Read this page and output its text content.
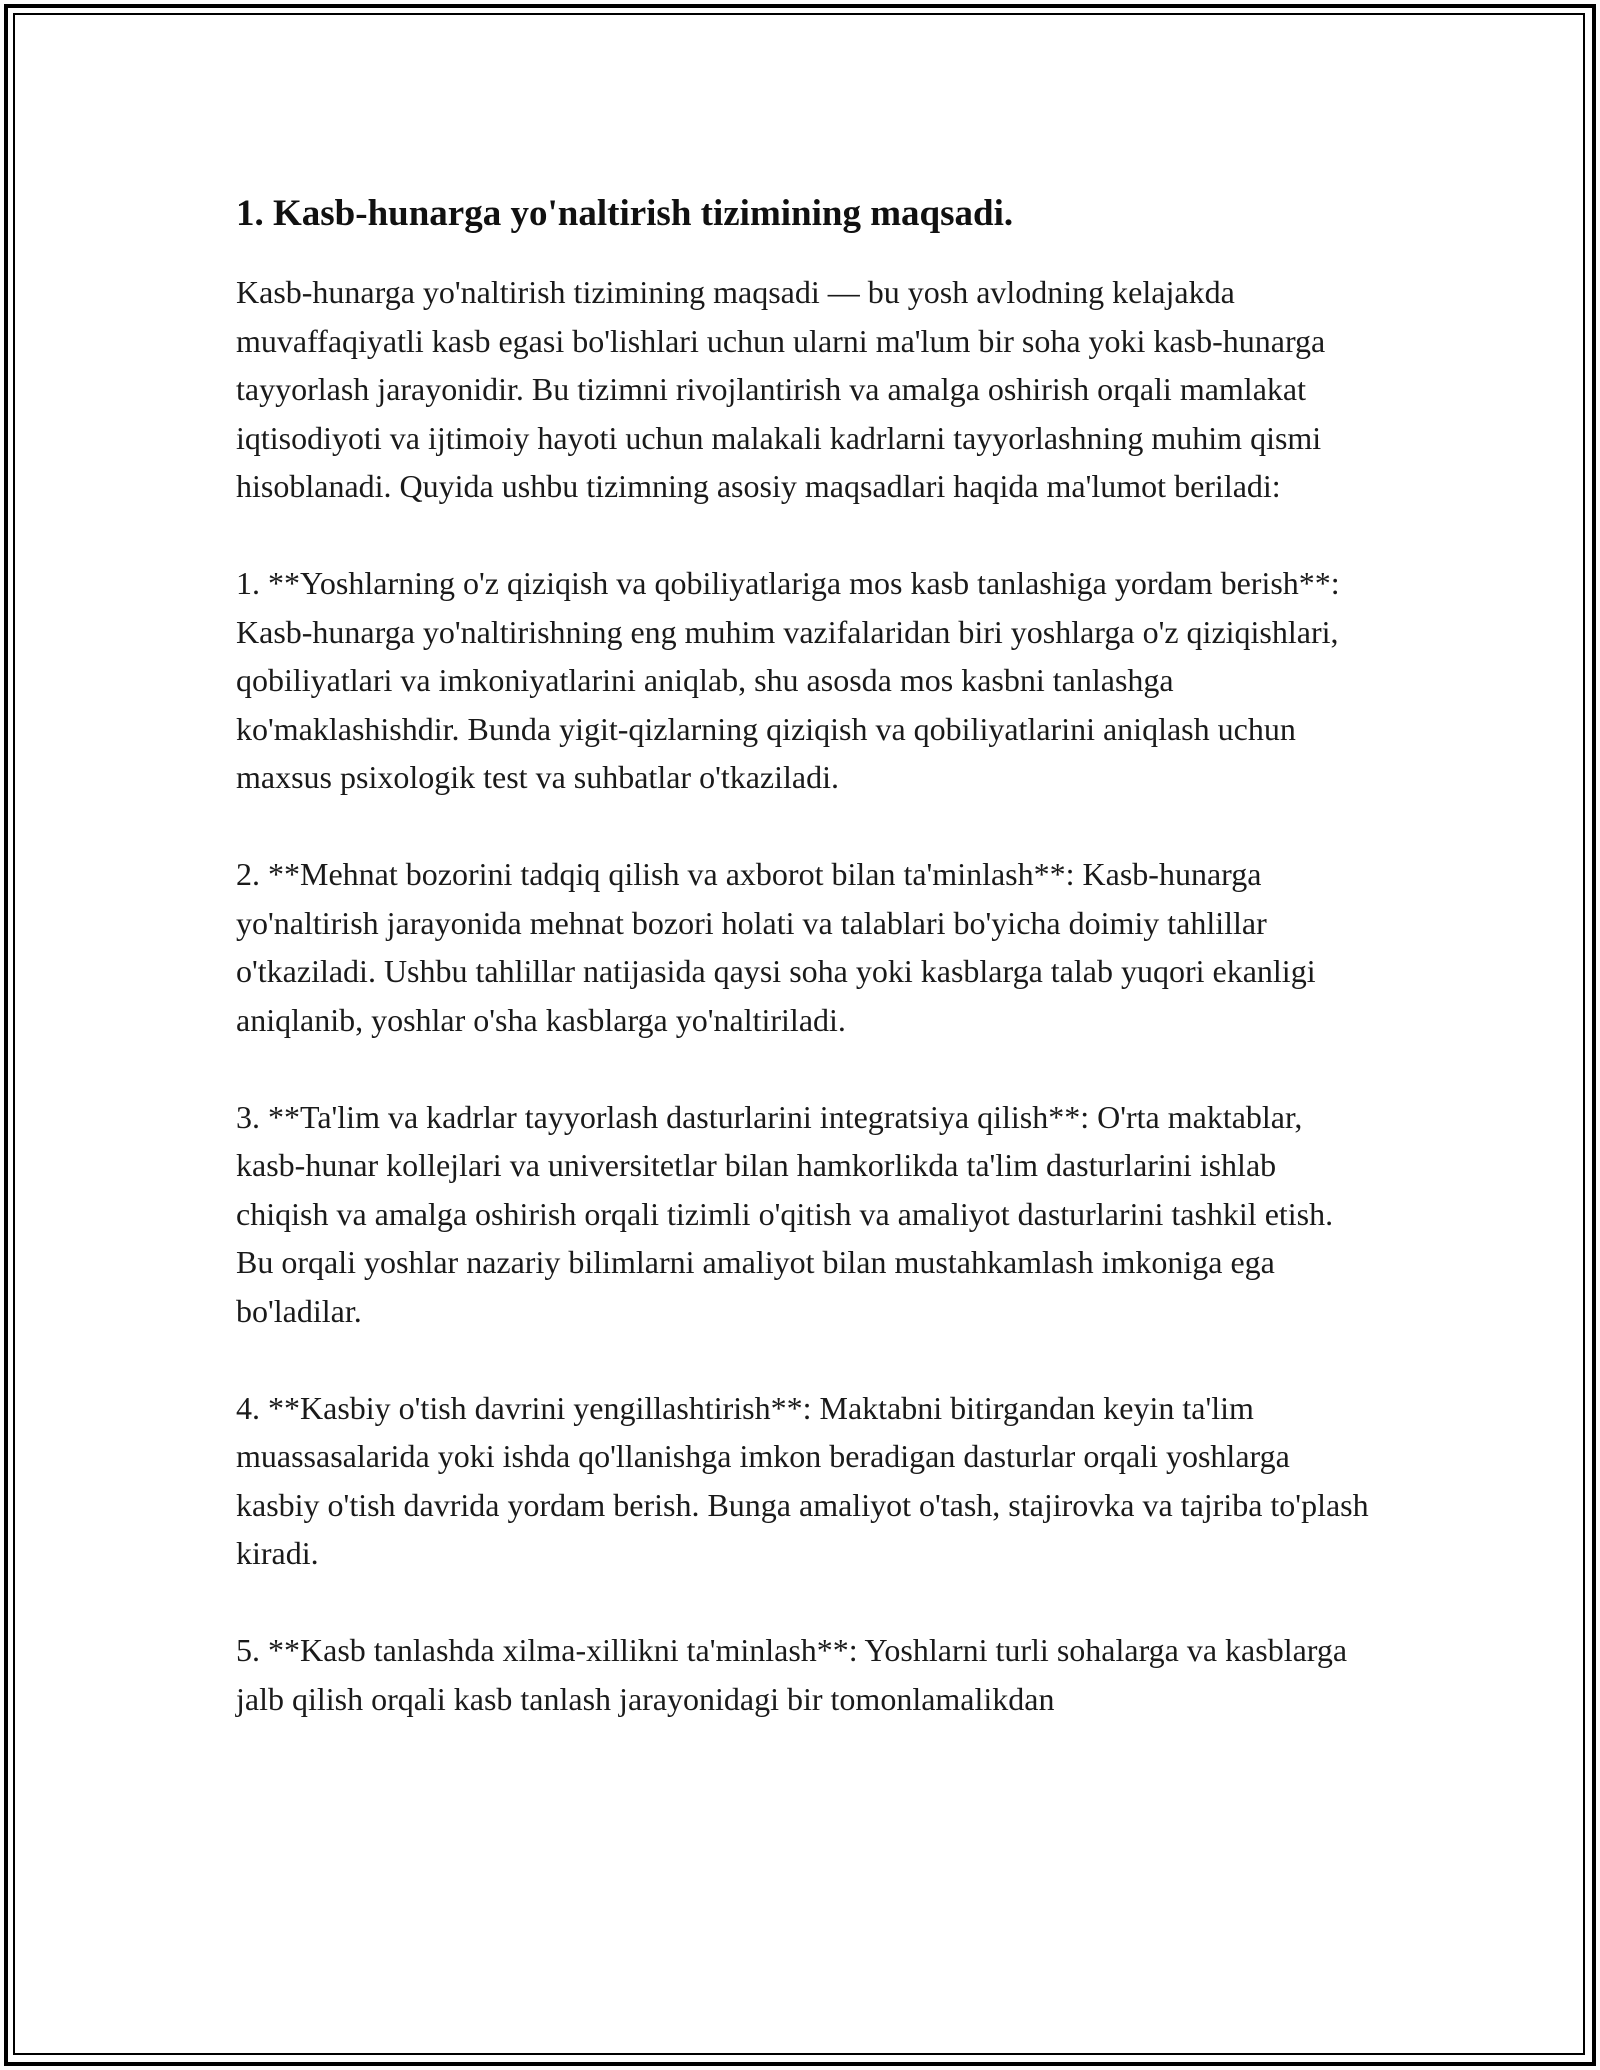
1. Kasb-hunarga yo'naltirish tizimining maqsadi.

Kasb-hunarga yo'naltirish tizimining maqsadi — bu yosh avlodning kelajakda muvaffaqiyatli kasb egasi bo'lishlari uchun ularni ma'lum bir soha yoki kasb-hunarga tayyorlash jarayonidir. Bu tizimni rivojlantirish va amalga oshirish orqali mamlakat iqtisodiyoti va ijtimoiy hayoti uchun malakali kadrlarni tayyorlashning muhim qismi hisoblanadi. Quyida ushbu tizimning asosiy maqsadlari haqida ma'lumot beriladi:

1. **Yoshlarning o'z qiziqish va qobiliyatlariga mos kasb tanlashiga yordam berish**: Kasb-hunarga yo'naltirishning eng muhim vazifalaridan biri yoshlarga o'z qiziqishlari, qobiliyatlari va imkoniyatlarini aniqlab, shu asosda mos kasbni tanlashga ko'maklashishdir. Bunda yigit-qizlarning qiziqish va qobiliyatlarini aniqlash uchun maxsus psixologik test va suhbatlar o'tkaziladi.

2. **Mehnat bozorini tadqiq qilish va axborot bilan ta'minlash**: Kasb-hunarga yo'naltirish jarayonida mehnat bozori holati va talablari bo'yicha doimiy tahlillar o'tkaziladi. Ushbu tahlillar natijasida qaysi soha yoki kasblarga talab yuqori ekanligi aniqlanib, yoshlar o'sha kasblarga yo'naltiriladi.

3. **Ta'lim va kadrlar tayyorlash dasturlarini integratsiya qilish**: O'rta maktablar, kasb-hunar kollejlari va universitetlar bilan hamkorlikda ta'lim dasturlarini ishlab chiqish va amalga oshirish orqali tizimli o'qitish va amaliyot dasturlarini tashkil etish. Bu orqali yoshlar nazariy bilimlarni amaliyot bilan mustahkamlash imkoniga ega bo'ladilar.

4. **Kasbiy o'tish davrini yengillashtirish**: Maktabni bitirgandan keyin ta'lim muassasalarida yoki ishda qo'llanishga imkon beradigan dasturlar orqali yoshlarga kasbiy o'tish davrida yordam berish. Bunga amaliyot o'tash, stajirovka va tajriba to'plash kiradi.

5. **Kasb tanlashda xilma-xillikni ta'minlash**: Yoshlarni turli sohalarga va kasblarga jalb qilish orqali kasb tanlash jarayonidagi bir tomonlamalikdan
